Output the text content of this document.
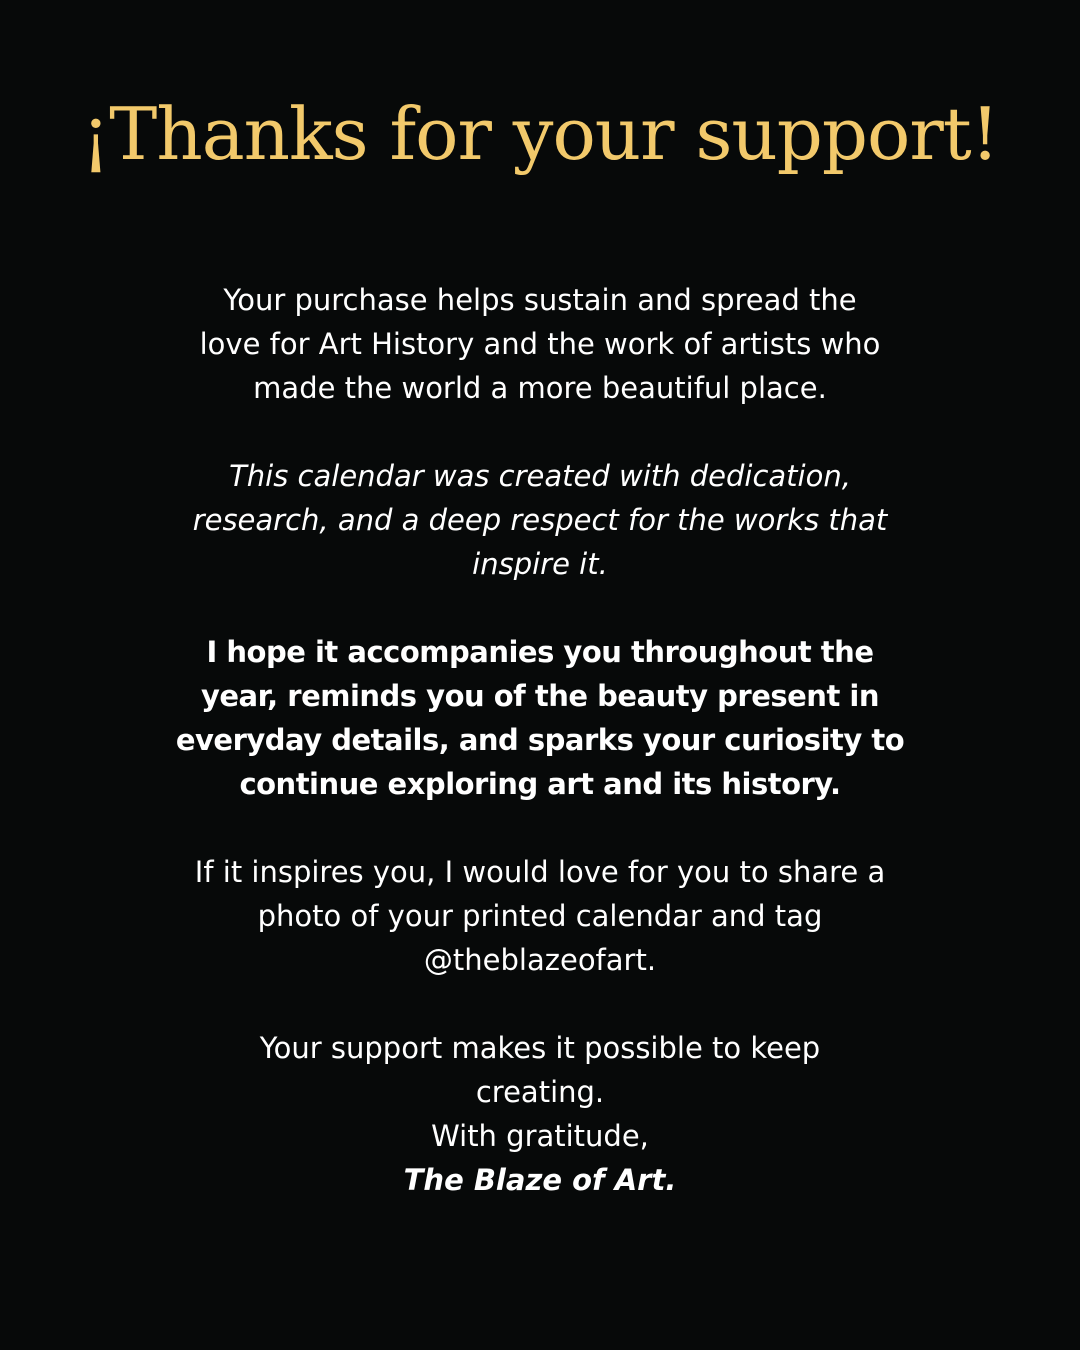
¡Thanks for your support!

Your purchase helps sustain and spread the
love for Art History and the work of artists who
made the world a more beautiful place.

This calendar was created with dedication,
research, and a deep respect for the works that
inspire it.

I hope it accompanies you throughout the
year, reminds you of the beauty present in
everyday details, and sparks your curiosity to
continue exploring art and its history.

If it inspires you, I would love for you to share a
photo of your printed calendar and tag
@theblazeofart.

Your support makes it possible to keep
creating.
With gratitude,
The Blaze of Art.
